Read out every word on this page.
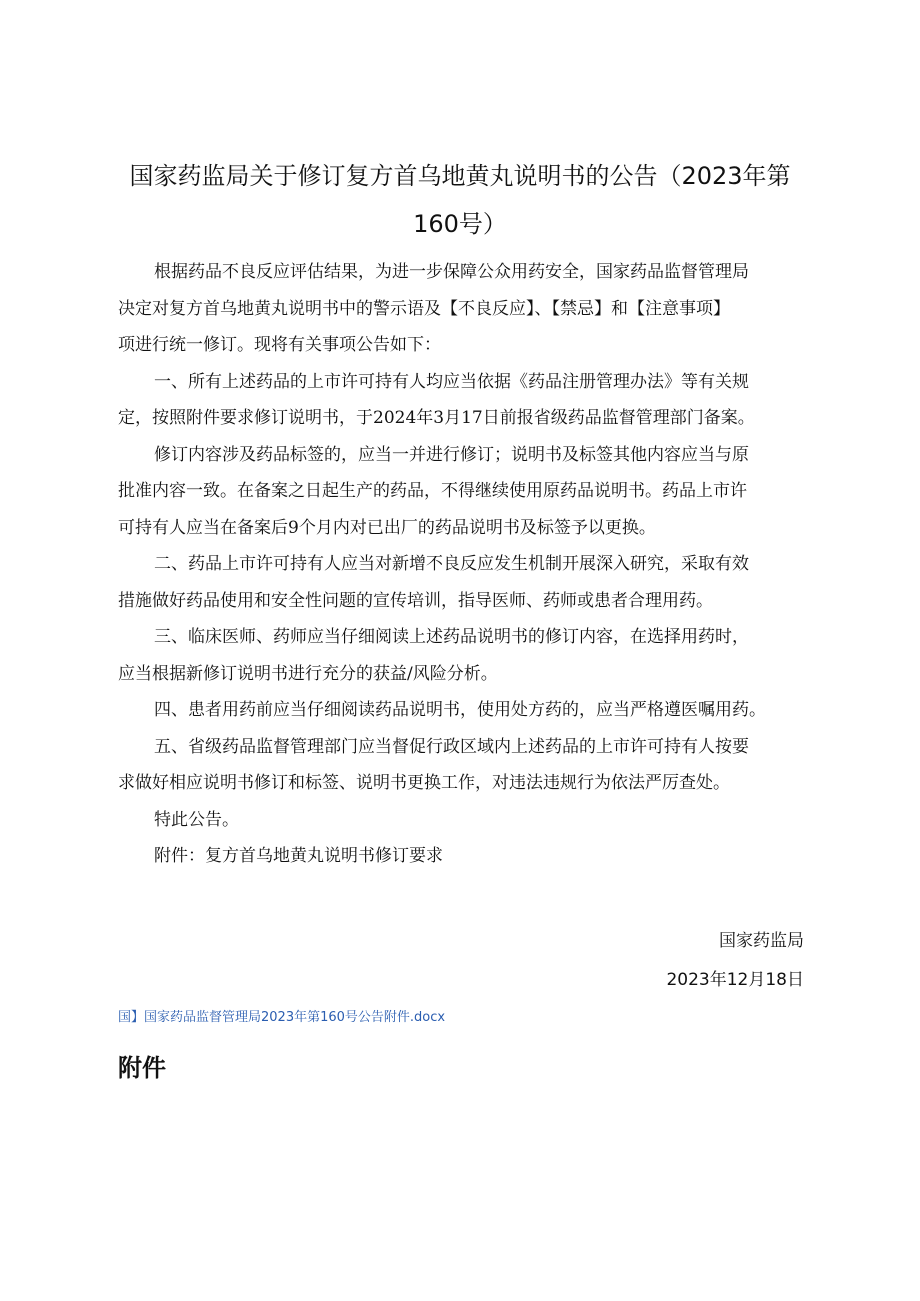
国家药监局关于修订复方首乌地黄丸说明书的公告（2023年第
160号）
根据药品不良反应评估结果，为进一步保障公众用药安全，国家药品监督管理局
决定对复方首乌地黄丸说明书中的警示语及【不良反应】、【禁忌】和【注意事项】
项进行统一修订。现将有关事项公告如下：
一、所有上述药品的上市许可持有人均应当依据《药品注册管理办法》等有关规
定，按照附件要求修订说明书，于2024年3月17日前报省级药品监督管理部门备案。
修订内容涉及药品标签的，应当一并进行修订；说明书及标签其他内容应当与原
批准内容一致。在备案之日起生产的药品，不得继续使用原药品说明书。药品上市许
可持有人应当在备案后9个月内对已出厂的药品说明书及标签予以更换。
二、药品上市许可持有人应当对新增不良反应发生机制开展深入研究，采取有效
措施做好药品使用和安全性问题的宣传培训，指导医师、药师或患者合理用药。
三、临床医师、药师应当仔细阅读上述药品说明书的修订内容，在选择用药时，
应当根据新修订说明书进行充分的获益/风险分析。
四、患者用药前应当仔细阅读药品说明书，使用处方药的，应当严格遵医嘱用药。
五、省级药品监督管理部门应当督促行政区域内上述药品的上市许可持有人按要
求做好相应说明书修订和标签、说明书更换工作，对违法违规行为依法严厉查处。
特此公告。
附件：复方首乌地黄丸说明书修订要求
国家药监局
2023年12月18日
国】国家药品监督管理局2023年第160号公告附件.docx
附件
